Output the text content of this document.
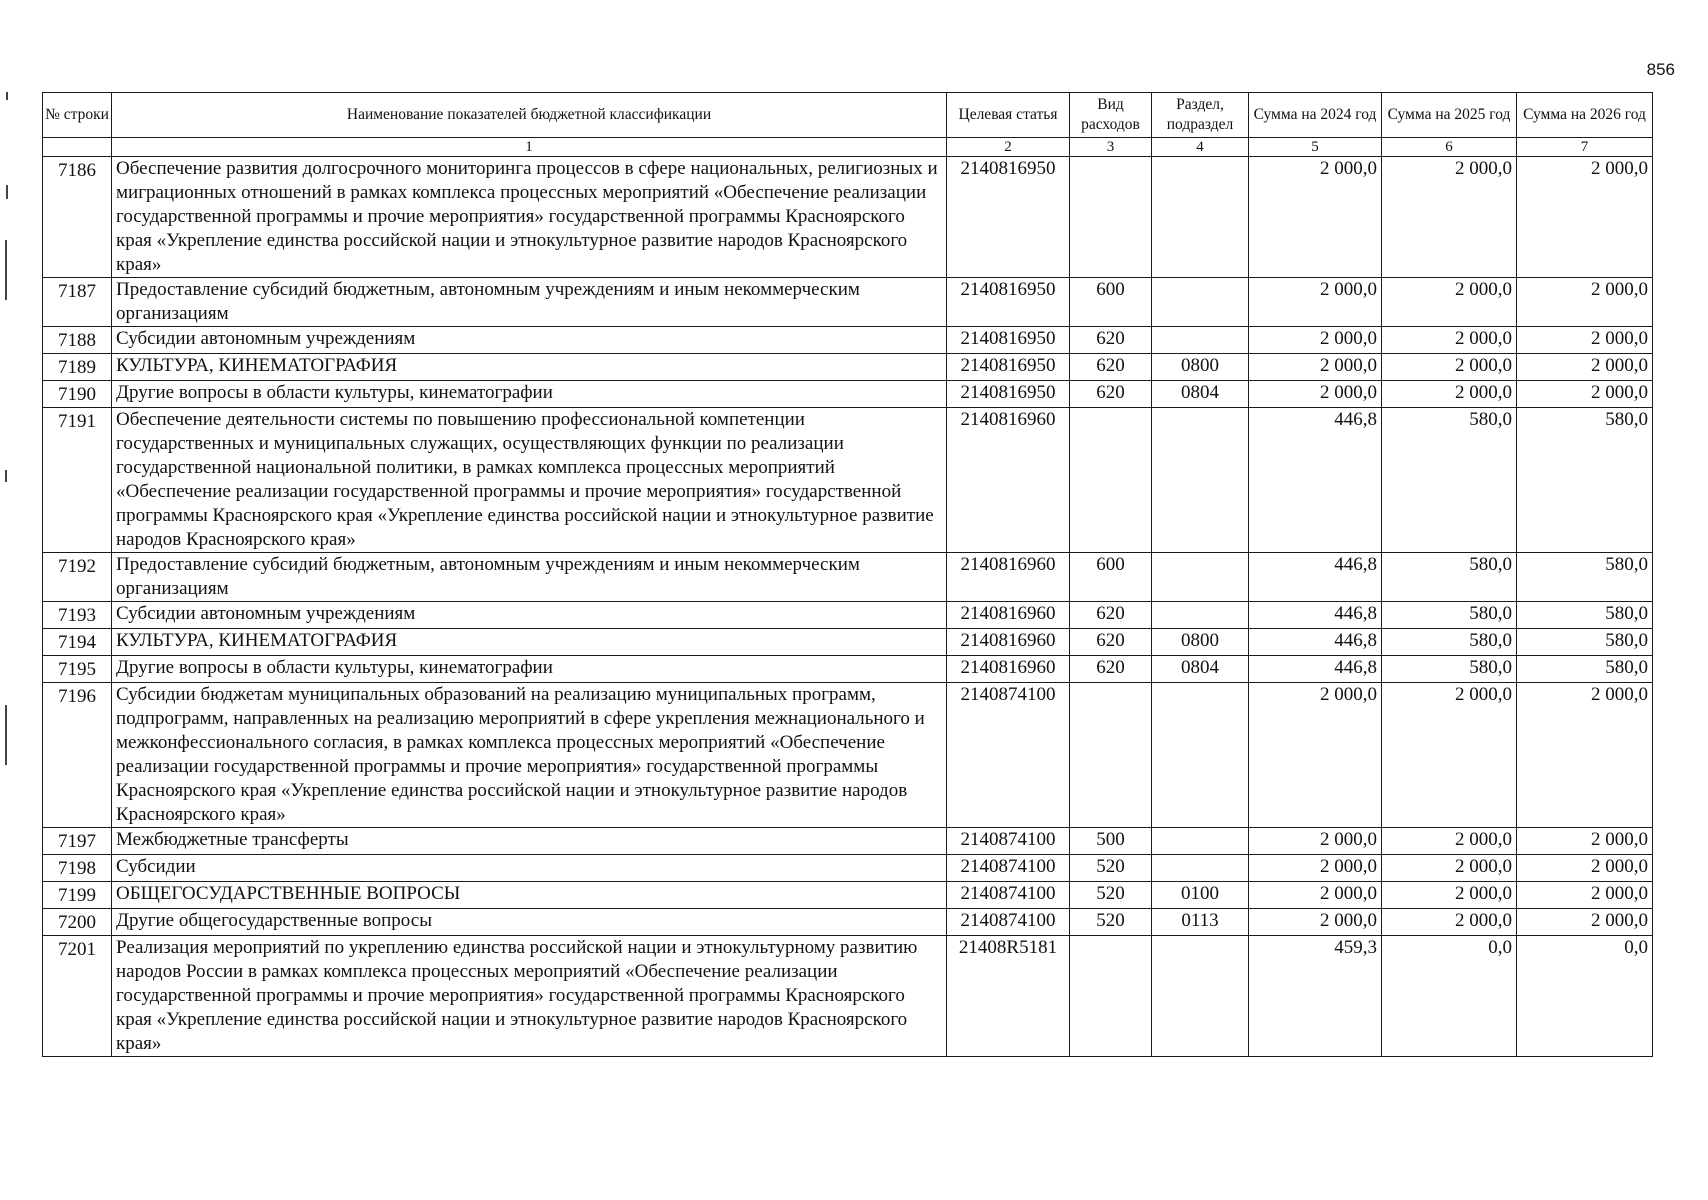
856
№ строки	Наименование показателей бюджетной классификации	Целевая статья	Вид расходов	Раздел, подраздел	Сумма на 2024 год	Сумма на 2025 год	Сумма на 2026 год
	1	2	3	4	5	6	7
7186	Обеспечение развития долгосрочного мониторинга процессов в сфере национальных, религиозных и миграционных отношений в рамках комплекса процессных мероприятий «Обеспечение реализации государственной программы и прочие мероприятия» государственной программы Красноярского края «Укрепление единства российской нации и этнокультурное развитие народов Красноярского края»	2140816950			2 000,0	2 000,0	2 000,0
7187	Предоставление субсидий бюджетным, автономным учреждениям и иным некоммерческим организациям	2140816950	600		2 000,0	2 000,0	2 000,0
7188	Субсидии автономным учреждениям	2140816950	620		2 000,0	2 000,0	2 000,0
7189	КУЛЬТУРА, КИНЕМАТОГРАФИЯ	2140816950	620	0800	2 000,0	2 000,0	2 000,0
7190	Другие вопросы в области культуры, кинематографии	2140816950	620	0804	2 000,0	2 000,0	2 000,0
7191	Обеспечение деятельности системы по повышению профессиональной компетенции государственных и муниципальных служащих, осуществляющих функции по реализации государственной национальной политики, в рамках комплекса процессных мероприятий «Обеспечение реализации государственной программы и прочие мероприятия» государственной программы Красноярского края «Укрепление единства российской нации и этнокультурное развитие народов Красноярского края»	2140816960			446,8	580,0	580,0
7192	Предоставление субсидий бюджетным, автономным учреждениям и иным некоммерческим организациям	2140816960	600		446,8	580,0	580,0
7193	Субсидии автономным учреждениям	2140816960	620		446,8	580,0	580,0
7194	КУЛЬТУРА, КИНЕМАТОГРАФИЯ	2140816960	620	0800	446,8	580,0	580,0
7195	Другие вопросы в области культуры, кинематографии	2140816960	620	0804	446,8	580,0	580,0
7196	Субсидии бюджетам муниципальных образований на реализацию муниципальных программ, подпрограмм, направленных на реализацию мероприятий в сфере укрепления межнационального и межконфессионального согласия, в рамках комплекса процессных мероприятий «Обеспечение реализации государственной программы и прочие мероприятия» государственной программы Красноярского края «Укрепление единства российской нации и этнокультурное развитие народов Красноярского края»	2140874100			2 000,0	2 000,0	2 000,0
7197	Межбюджетные трансферты	2140874100	500		2 000,0	2 000,0	2 000,0
7198	Субсидии	2140874100	520		2 000,0	2 000,0	2 000,0
7199	ОБЩЕГОСУДАРСТВЕННЫЕ ВОПРОСЫ	2140874100	520	0100	2 000,0	2 000,0	2 000,0
7200	Другие общегосударственные вопросы	2140874100	520	0113	2 000,0	2 000,0	2 000,0
7201	Реализация мероприятий по укреплению единства российской нации и этнокультурному развитию народов России в рамках комплекса процессных мероприятий «Обеспечение реализации государственной программы и прочие мероприятия» государственной программы Красноярского края «Укрепление единства российской нации и этнокультурное развитие народов Красноярского края»	21408R5181			459,3	0,0	0,0
